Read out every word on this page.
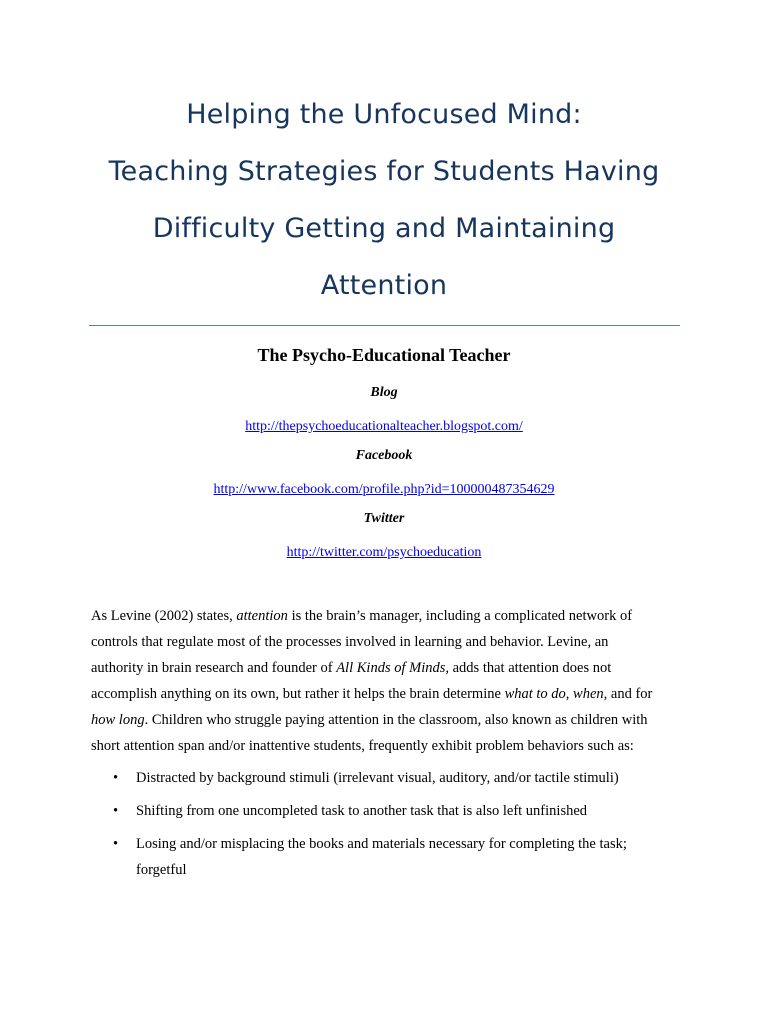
Helping the Unfocused Mind:
Teaching Strategies for Students Having
Difficulty Getting and Maintaining
Attention
The Psycho-Educational Teacher
Blog
http://thepsychoeducationalteacher.blogspot.com/
Facebook
http://www.facebook.com/profile.php?id=100000487354629
Twitter
http://twitter.com/psychoeducation
As Levine (2002) states, attention is the brain’s manager, including a complicated network of
controls that regulate most of the processes involved in learning and behavior. Levine, an
authority in brain research and founder of All Kinds of Minds, adds that attention does not
accomplish anything on its own, but rather it helps the brain determine what to do, when, and for
how long. Children who struggle paying attention in the classroom, also known as children with
short attention span and/or inattentive students, frequently exhibit problem behaviors such as:
• Distracted by background stimuli (irrelevant visual, auditory, and/or tactile stimuli)
• Shifting from one uncompleted task to another task that is also left unfinished
• Losing and/or misplacing the books and materials necessary for completing the task;
forgetful
